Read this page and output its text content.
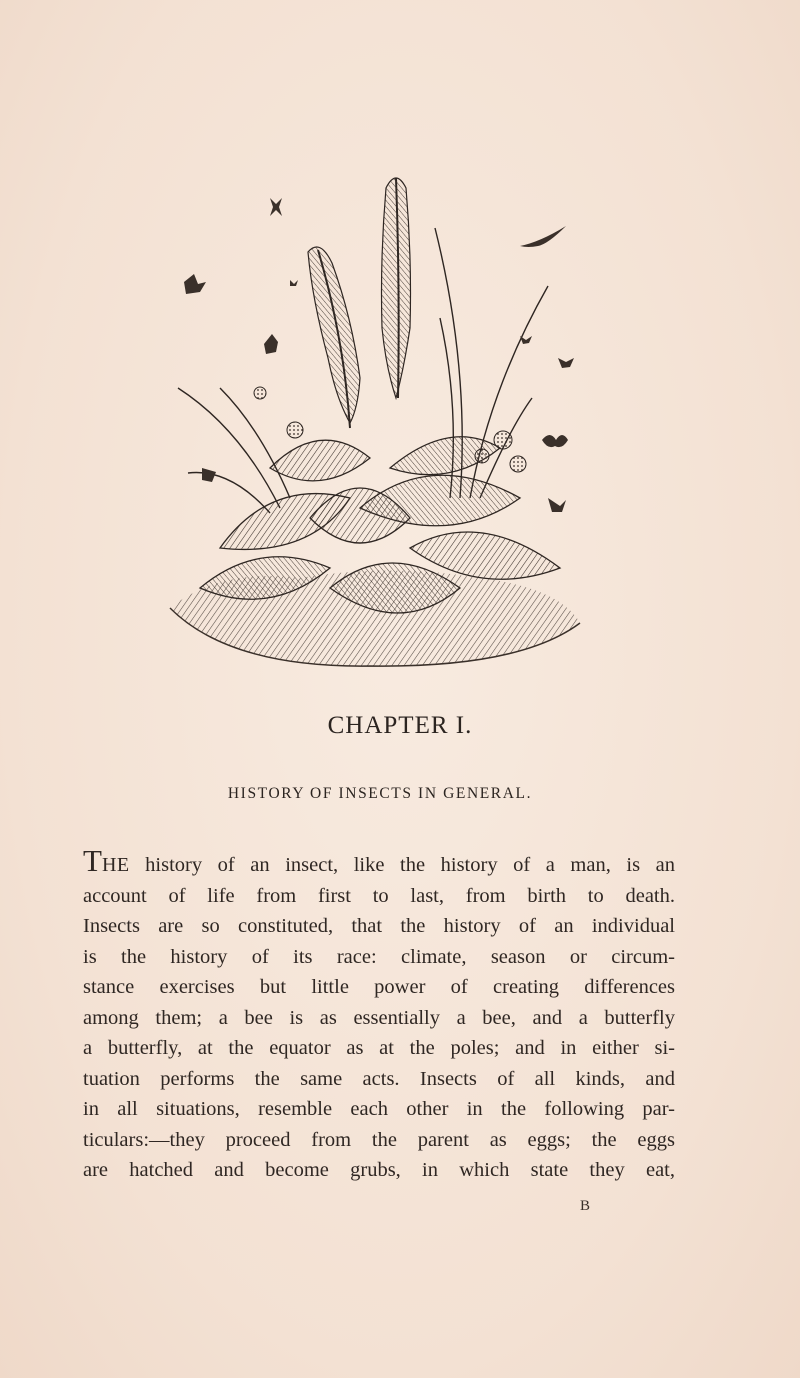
CHAPTER I.
HISTORY OF INSECTS IN GENERAL.
THE history of an insect, like the history of a man, is an
account of life from first to last, from birth to death.
Insects are so constituted, that the history of an individual
is the history of its race: climate, season or circum-
stance exercises but little power of creating differences
among them; a bee is as essentially a bee, and a butterfly
a butterfly, at the equator as at the poles; and in either si-
tuation performs the same acts. Insects of all kinds, and
in all situations, resemble each other in the following par-
ticulars:—they proceed from the parent as eggs; the eggs
are hatched and become grubs, in which state they eat,
B
